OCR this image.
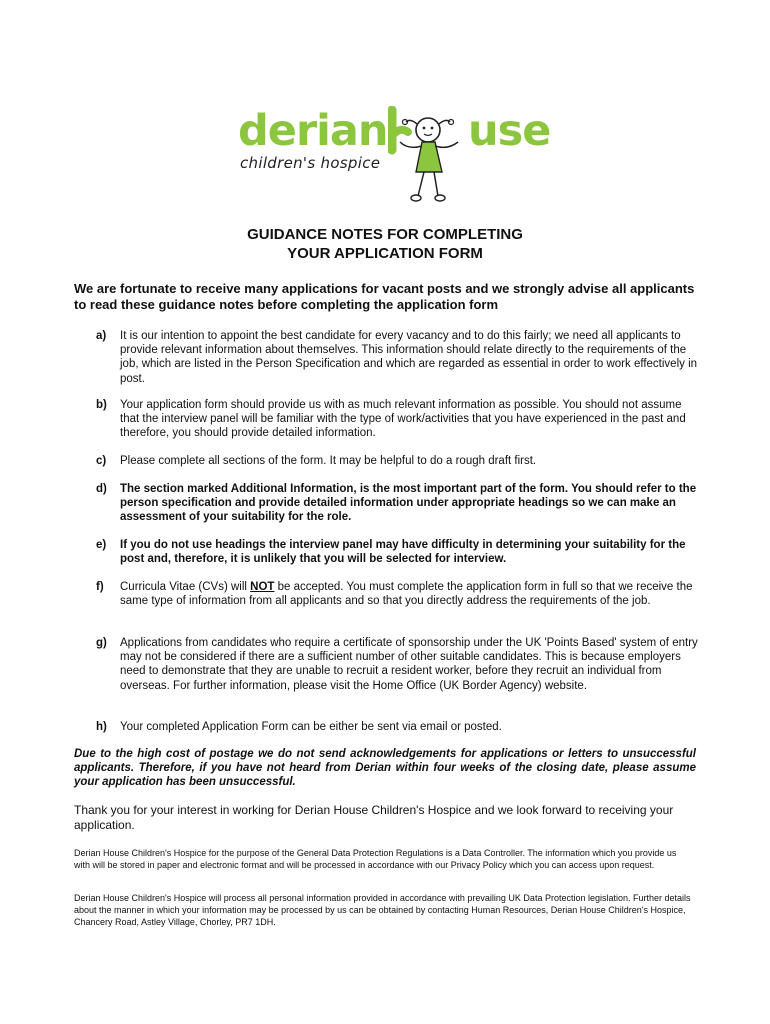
derian use
children's hospice
GUIDANCE NOTES FOR COMPLETING
YOUR APPLICATION FORM
We are fortunate to receive many applications for vacant posts and we strongly advise all applicants to read these guidance notes before completing the application form
a) It is our intention to appoint the best candidate for every vacancy and to do this fairly; we need all applicants to provide relevant information about themselves. This information should relate directly to the requirements of the job, which are listed in the Person Specification and which are regarded as essential in order to work effectively in post.
b) Your application form should provide us with as much relevant information as possible. You should not assume that the interview panel will be familiar with the type of work/activities that you have experienced in the past and therefore, you should provide detailed information.
c) Please complete all sections of the form. It may be helpful to do a rough draft first.
d) The section marked Additional Information, is the most important part of the form. You should refer to the person specification and provide detailed information under appropriate headings so we can make an assessment of your suitability for the role.
e) If you do not use headings the interview panel may have difficulty in determining your suitability for the post and, therefore, it is unlikely that you will be selected for interview.
f) Curricula Vitae (CVs) will NOT be accepted. You must complete the application form in full so that we receive the same type of information from all applicants and so that you directly address the requirements of the job.
g) Applications from candidates who require a certificate of sponsorship under the UK 'Points Based' system of entry may not be considered if there are a sufficient number of other suitable candidates. This is because employers need to demonstrate that they are unable to recruit a resident worker, before they recruit an individual from overseas. For further information, please visit the Home Office (UK Border Agency) website.
h) Your completed Application Form can be either be sent via email or posted.
Due to the high cost of postage we do not send acknowledgements for applications or letters to unsuccessful applicants. Therefore, if you have not heard from Derian within four weeks of the closing date, please assume your application has been unsuccessful.
Thank you for your interest in working for Derian House Children's Hospice and we look forward to receiving your application.
Derian House Children's Hospice for the purpose of the General Data Protection Regulations is a Data Controller. The information which you provide us with will be stored in paper and electronic format and will be processed in accordance with our Privacy Policy which you can access upon request.
Derian House Children's Hospice will process all personal information provided in accordance with prevailing UK Data Protection legislation. Further details about the manner in which your information may be processed by us can be obtained by contacting Human Resources, Derian House Children's Hospice, Chancery Road, Astley Village, Chorley, PR7 1DH.
